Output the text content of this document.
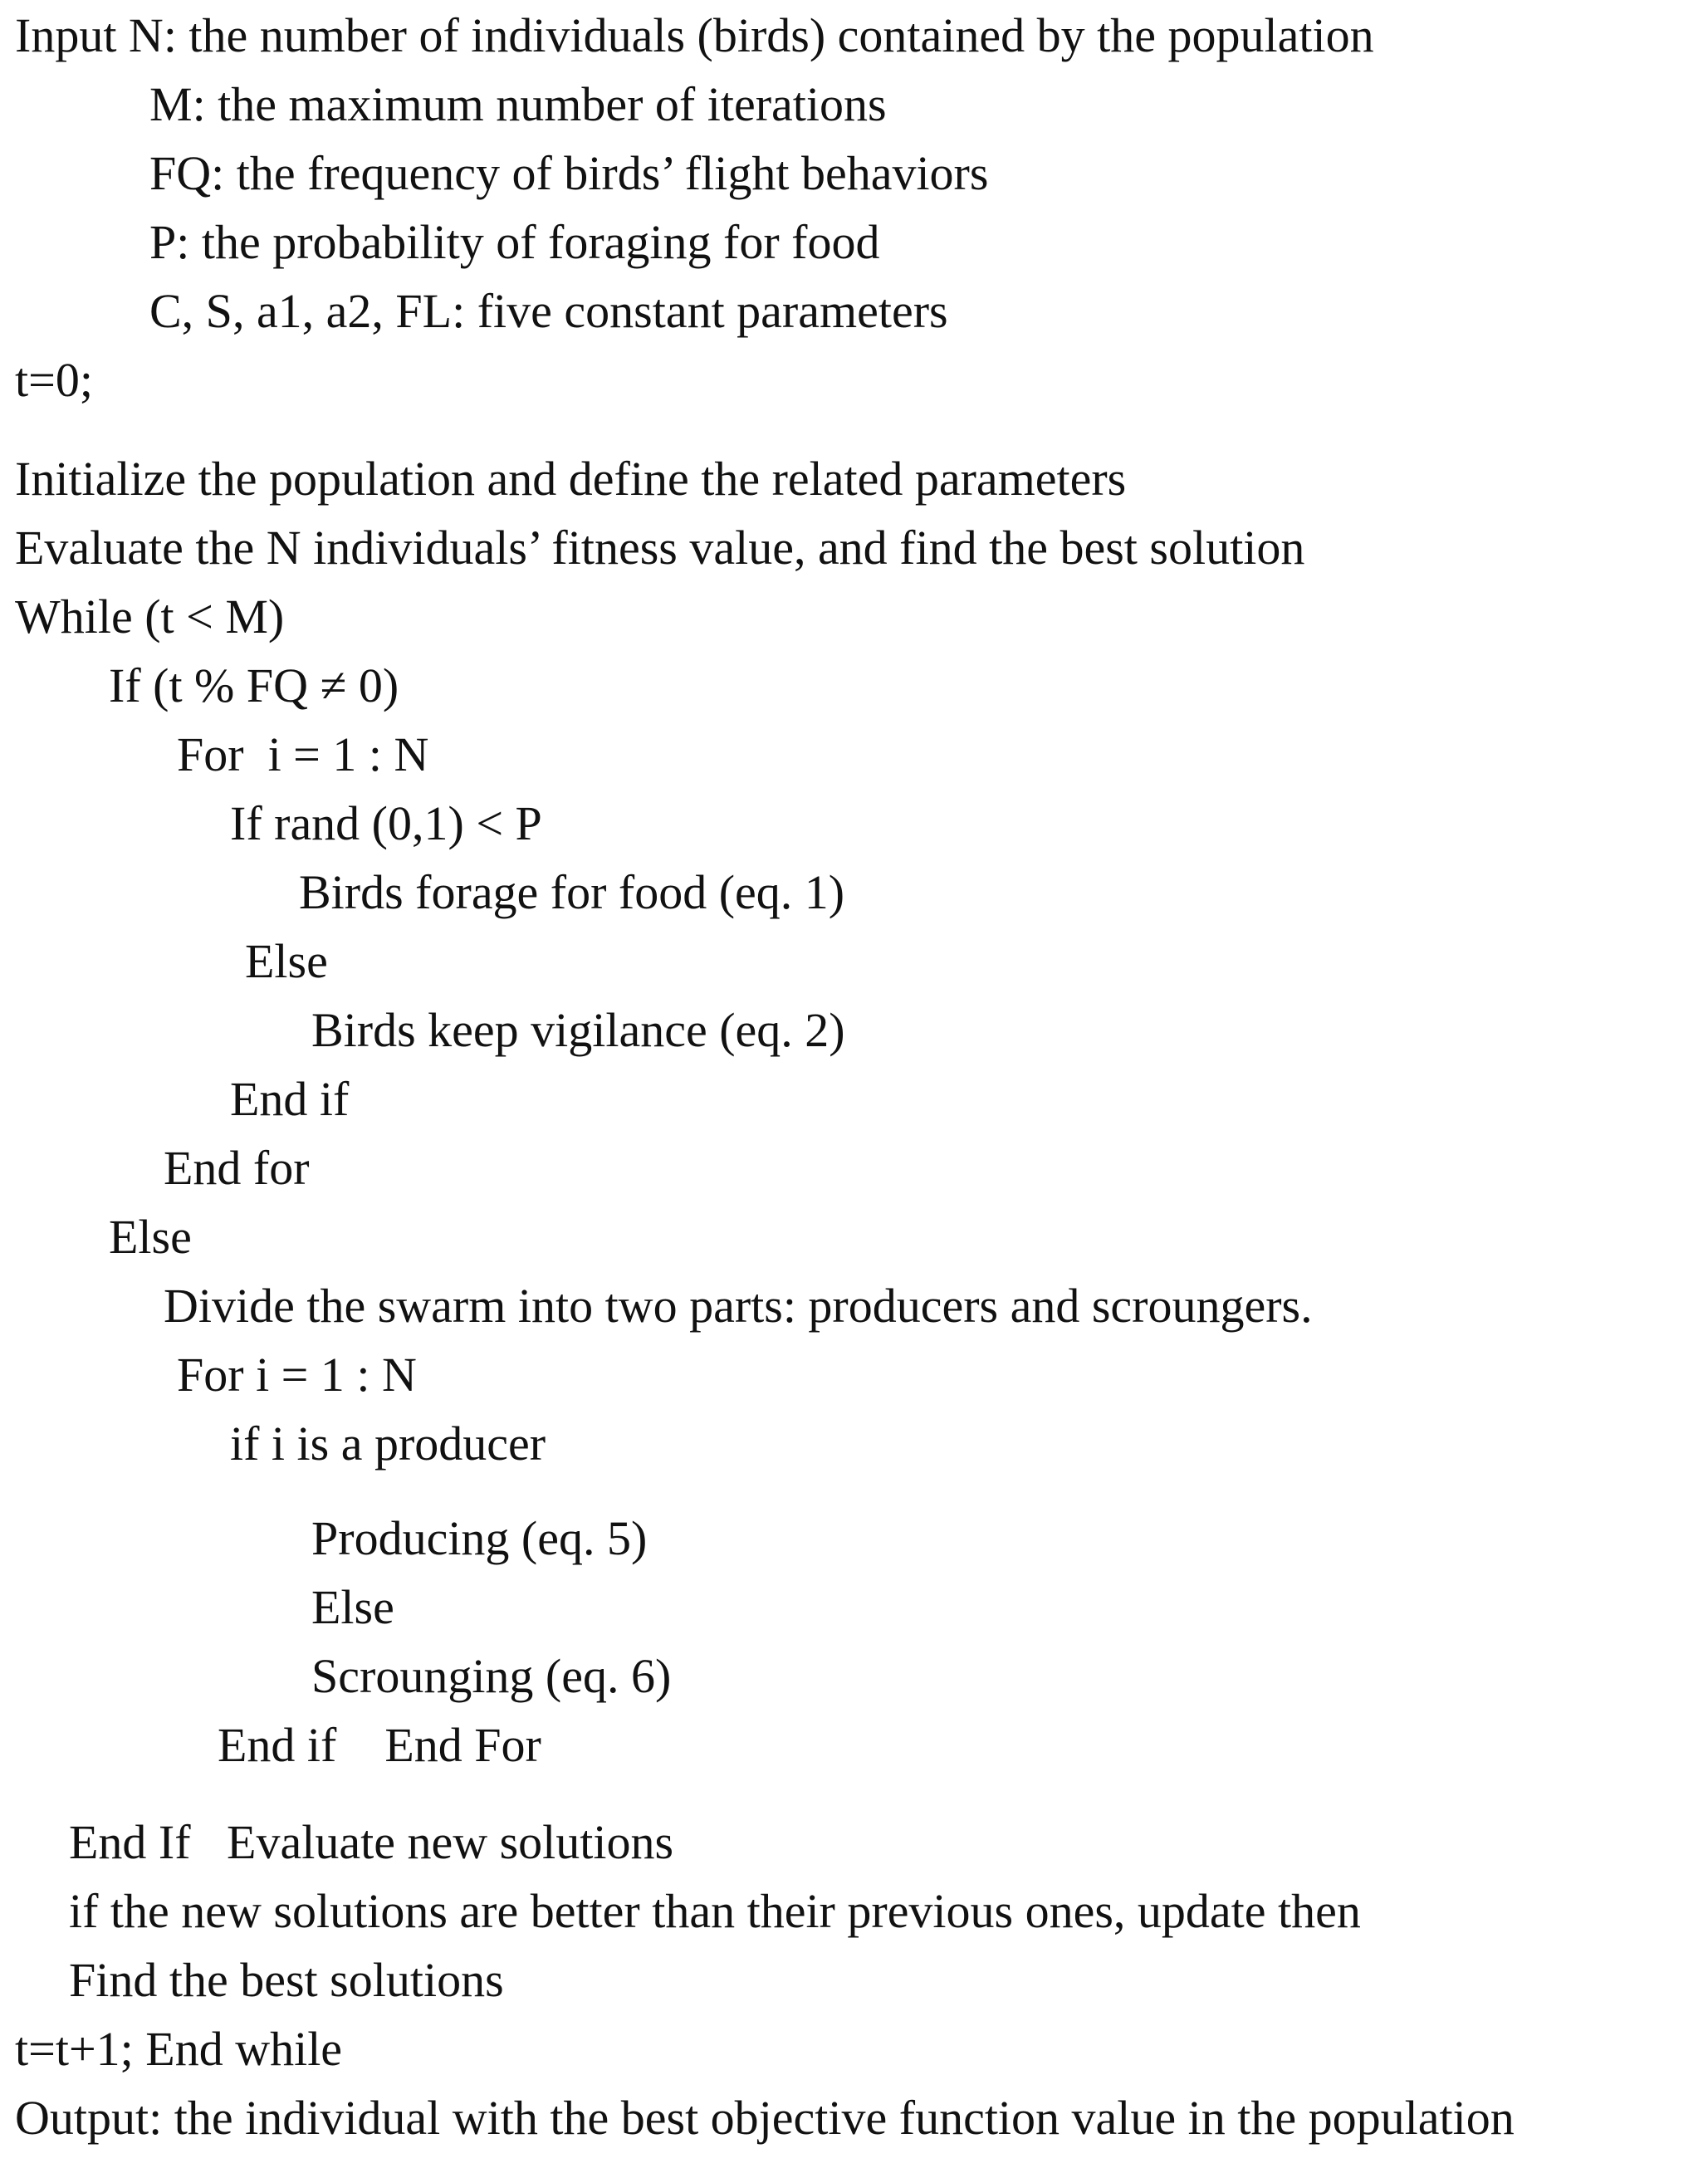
Input N: the number of individuals (birds) contained by the population

M: the maximum number of iterations

FQ: the frequency of birds’ flight behaviors

P: the probability of foraging for food

C, S, a1, a2, FL: five constant parameters

t=0;

Initialize the population and define the related parameters

Evaluate the N individuals’ fitness value, and find the best solution

While (t < M)

If (t % FQ ≠ 0)

For  i = 1 : N

If rand (0,1) < P

Birds forage for food (eq. 1)

Else

Birds keep vigilance (eq. 2)

End if

End for

Else

Divide the swarm into two parts: producers and scroungers.

For i = 1 : N

if i is a producer

Producing (eq. 5)

Else

Scrounging (eq. 6)

End if    End For

End If   Evaluate new solutions

if the new solutions are better than their previous ones, update then

Find the best solutions

t=t+1; End while

Output: the individual with the best objective function value in the population
